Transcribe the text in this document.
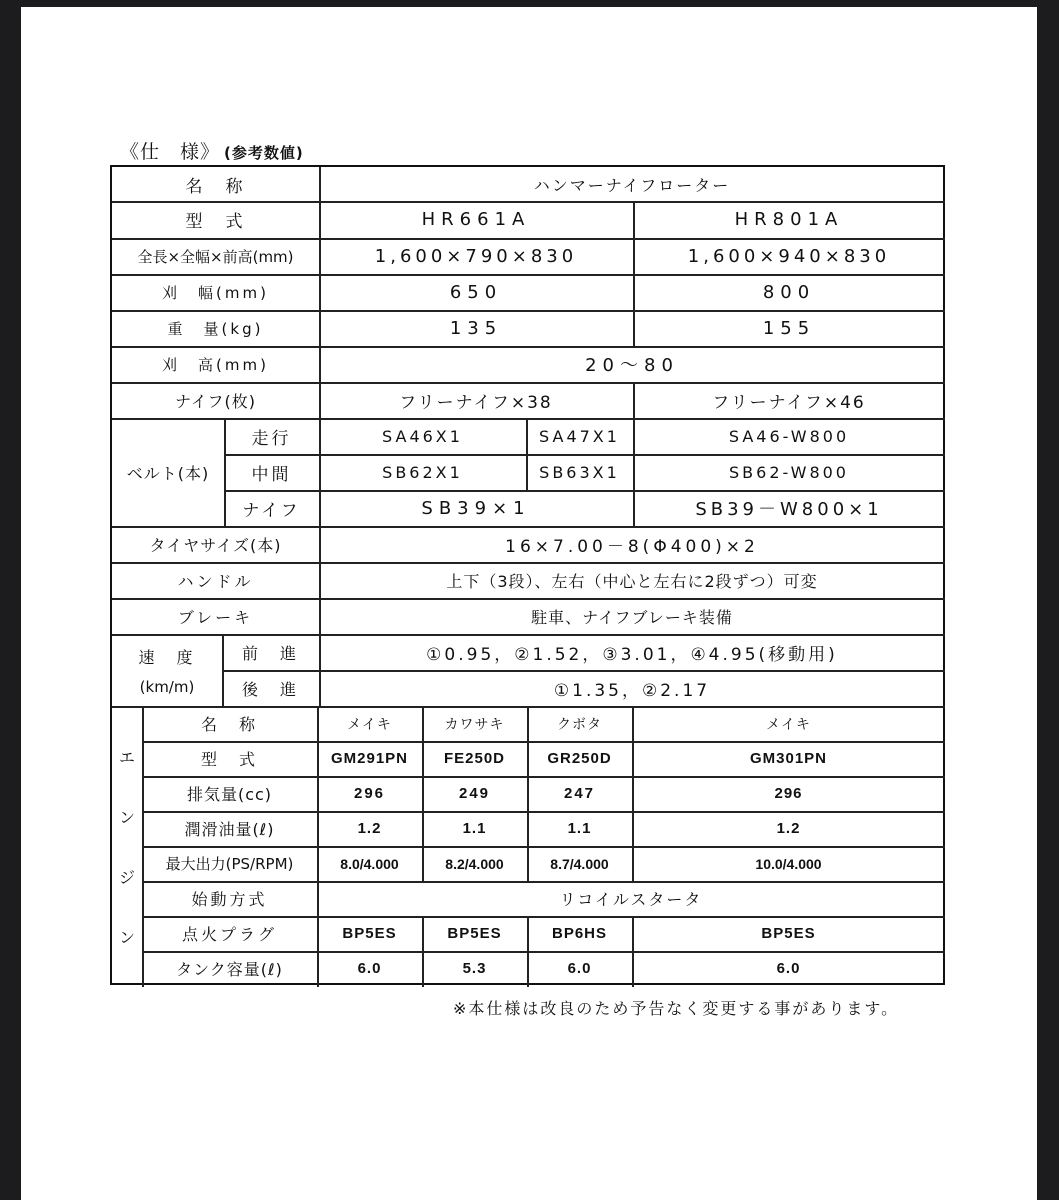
《仕　様》 (参考数値)
名　称	ハンマーナイフローター
型　式	HR661A	HR801A
全長×全幅×前高(mm)	1,600×790×830	1,600×940×830
刈　幅(mm)	650	800
重　量(kg)	135	155
刈　高(mm)	20～80
ナイフ(枚)	フリーナイフ×38	フリーナイフ×46
ベルト(本)
走行	SA46X1	SA47X1	SA46-W800
中間	SB62X1	SB63X1	SB62-W800
ナイフ	SB39×1	SB39－W800×1
タイヤサイズ(本)	16×7.00－8(Φ400)×2
ハンドル	上下（3段）、左右（中心と左右に2段ずつ）可変
ブレーキ	駐車、ナイフブレーキ装備
速　度
(km/m)
前　進	①0.95，②1.52，③3.01，④4.95(移動用)
後　進	①1.35，②2.17
エ
ン
ジ
ン
名　称	メイキ	カワサキ	クボタ	メイキ
型　式	GM291PN	FE250D	GR250D	GM301PN
排気量(cc)	296	249	247	296
潤滑油量(ℓ)	1.2	1.1	1.1	1.2
最大出力(PS/RPM)	8.0/4.000	8.2/4.000	8.7/4.000	10.0/4.000
始動方式	リコイルスタータ
点火プラグ	BP5ES	BP5ES	BP6HS	BP5ES
タンク容量(ℓ)	6.0	5.3	6.0	6.0
※本仕様は改良のため予告なく変更する事があります。
